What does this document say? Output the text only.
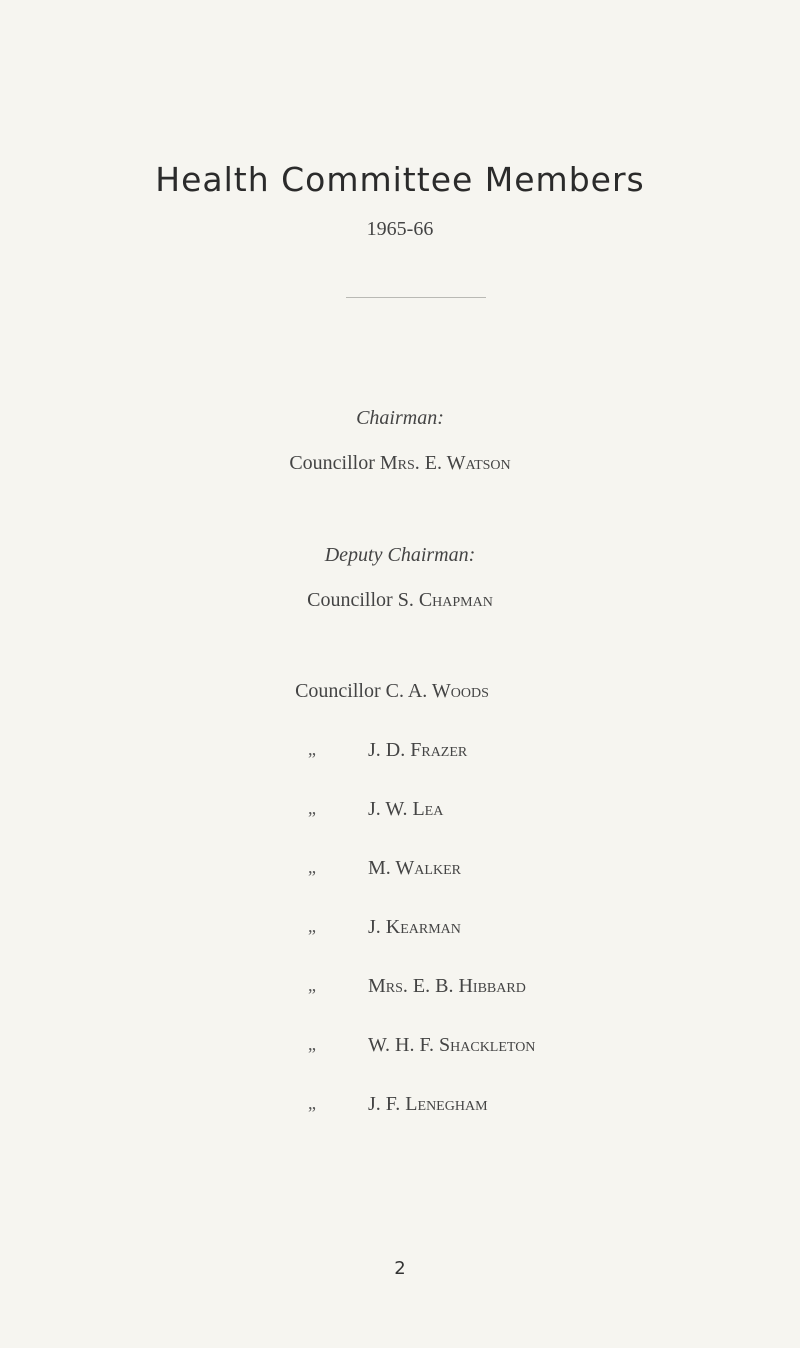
Health Committee Members
1965-66
Chairman:
Councillor Mrs. E. Watson
Deputy Chairman:
Councillor S. Chapman
Councillor C. A. Woods
„	J. D. Frazer
„	J. W. Lea
„	M. Walker
„	J. Kearman
„	Mrs. E. B. Hibbard
„	W. H. F. Shackleton
„	J. F. Lenegham
2
